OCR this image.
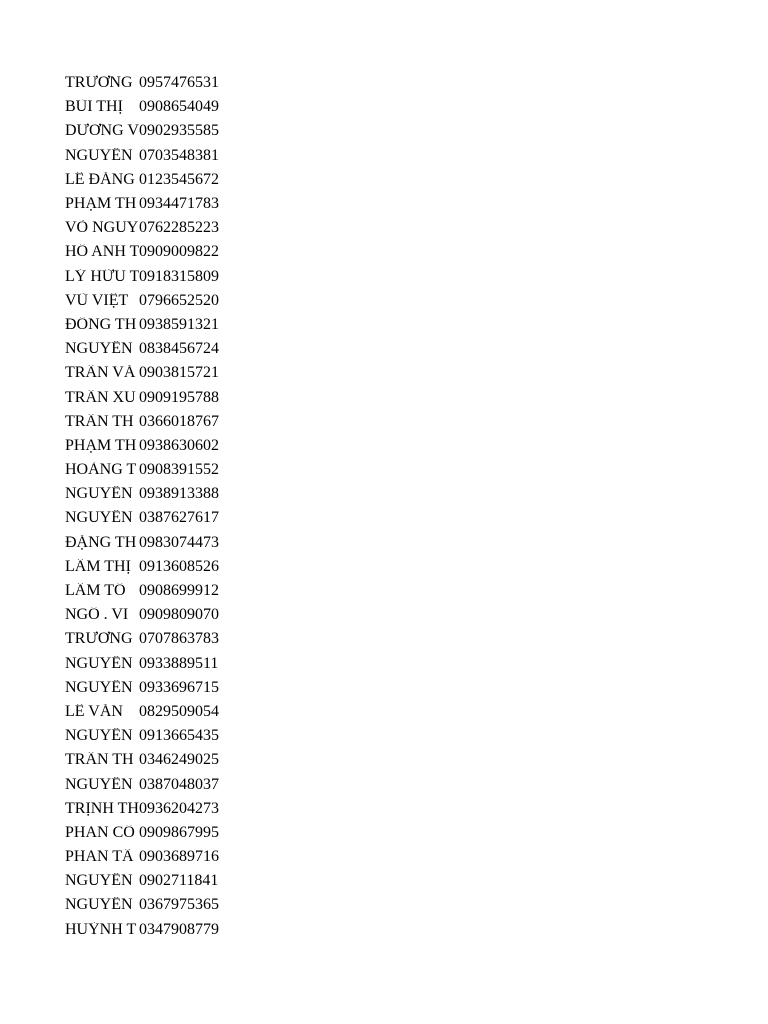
TRƯƠNG 0957476531
BÙI THỊ	0908654049
DƯƠNG V 0902935585
NGUYỄN 0703548381
LÊ ĐĂNG 0123545672
PHẠM TH 0934471783
VÕ NGUY 0762285223
HỒ ANH T 0909009822
LÝ HỮU T 0918315809
VŨ VIỆT 0796652520
ĐỒNG TH 0938591321
NGUYỄN 0838456724
TRẦN VĂ 0903815721
TRẦN XU 0909195788
TRẦN TH 0366018767
PHẠM TH 0938630602
HOÀNG T 0908391552
NGUYỄN 0938913388
NGUYỄN 0387627617
ĐẶNG TH 0983074473
LÂM THỊ 0913608526
LÂM TỐ 0908699912
NGÔ . VI 0909809070
TRƯƠNG 0707863783
NGUYỄN 0933889511
NGUYỄN 0933696715
LÊ VĂN	0829509054
NGUYỄN 0913665435
TRẦN TH 0346249025
NGUYỄN 0387048037
TRỊNH TH 0936204273
PHAN CÔ 0909867995
PHAN TẤ 0903689716
NGUYỄN 0902711841
NGUYỄN 0367975365
HUỲNH T 0347908779
